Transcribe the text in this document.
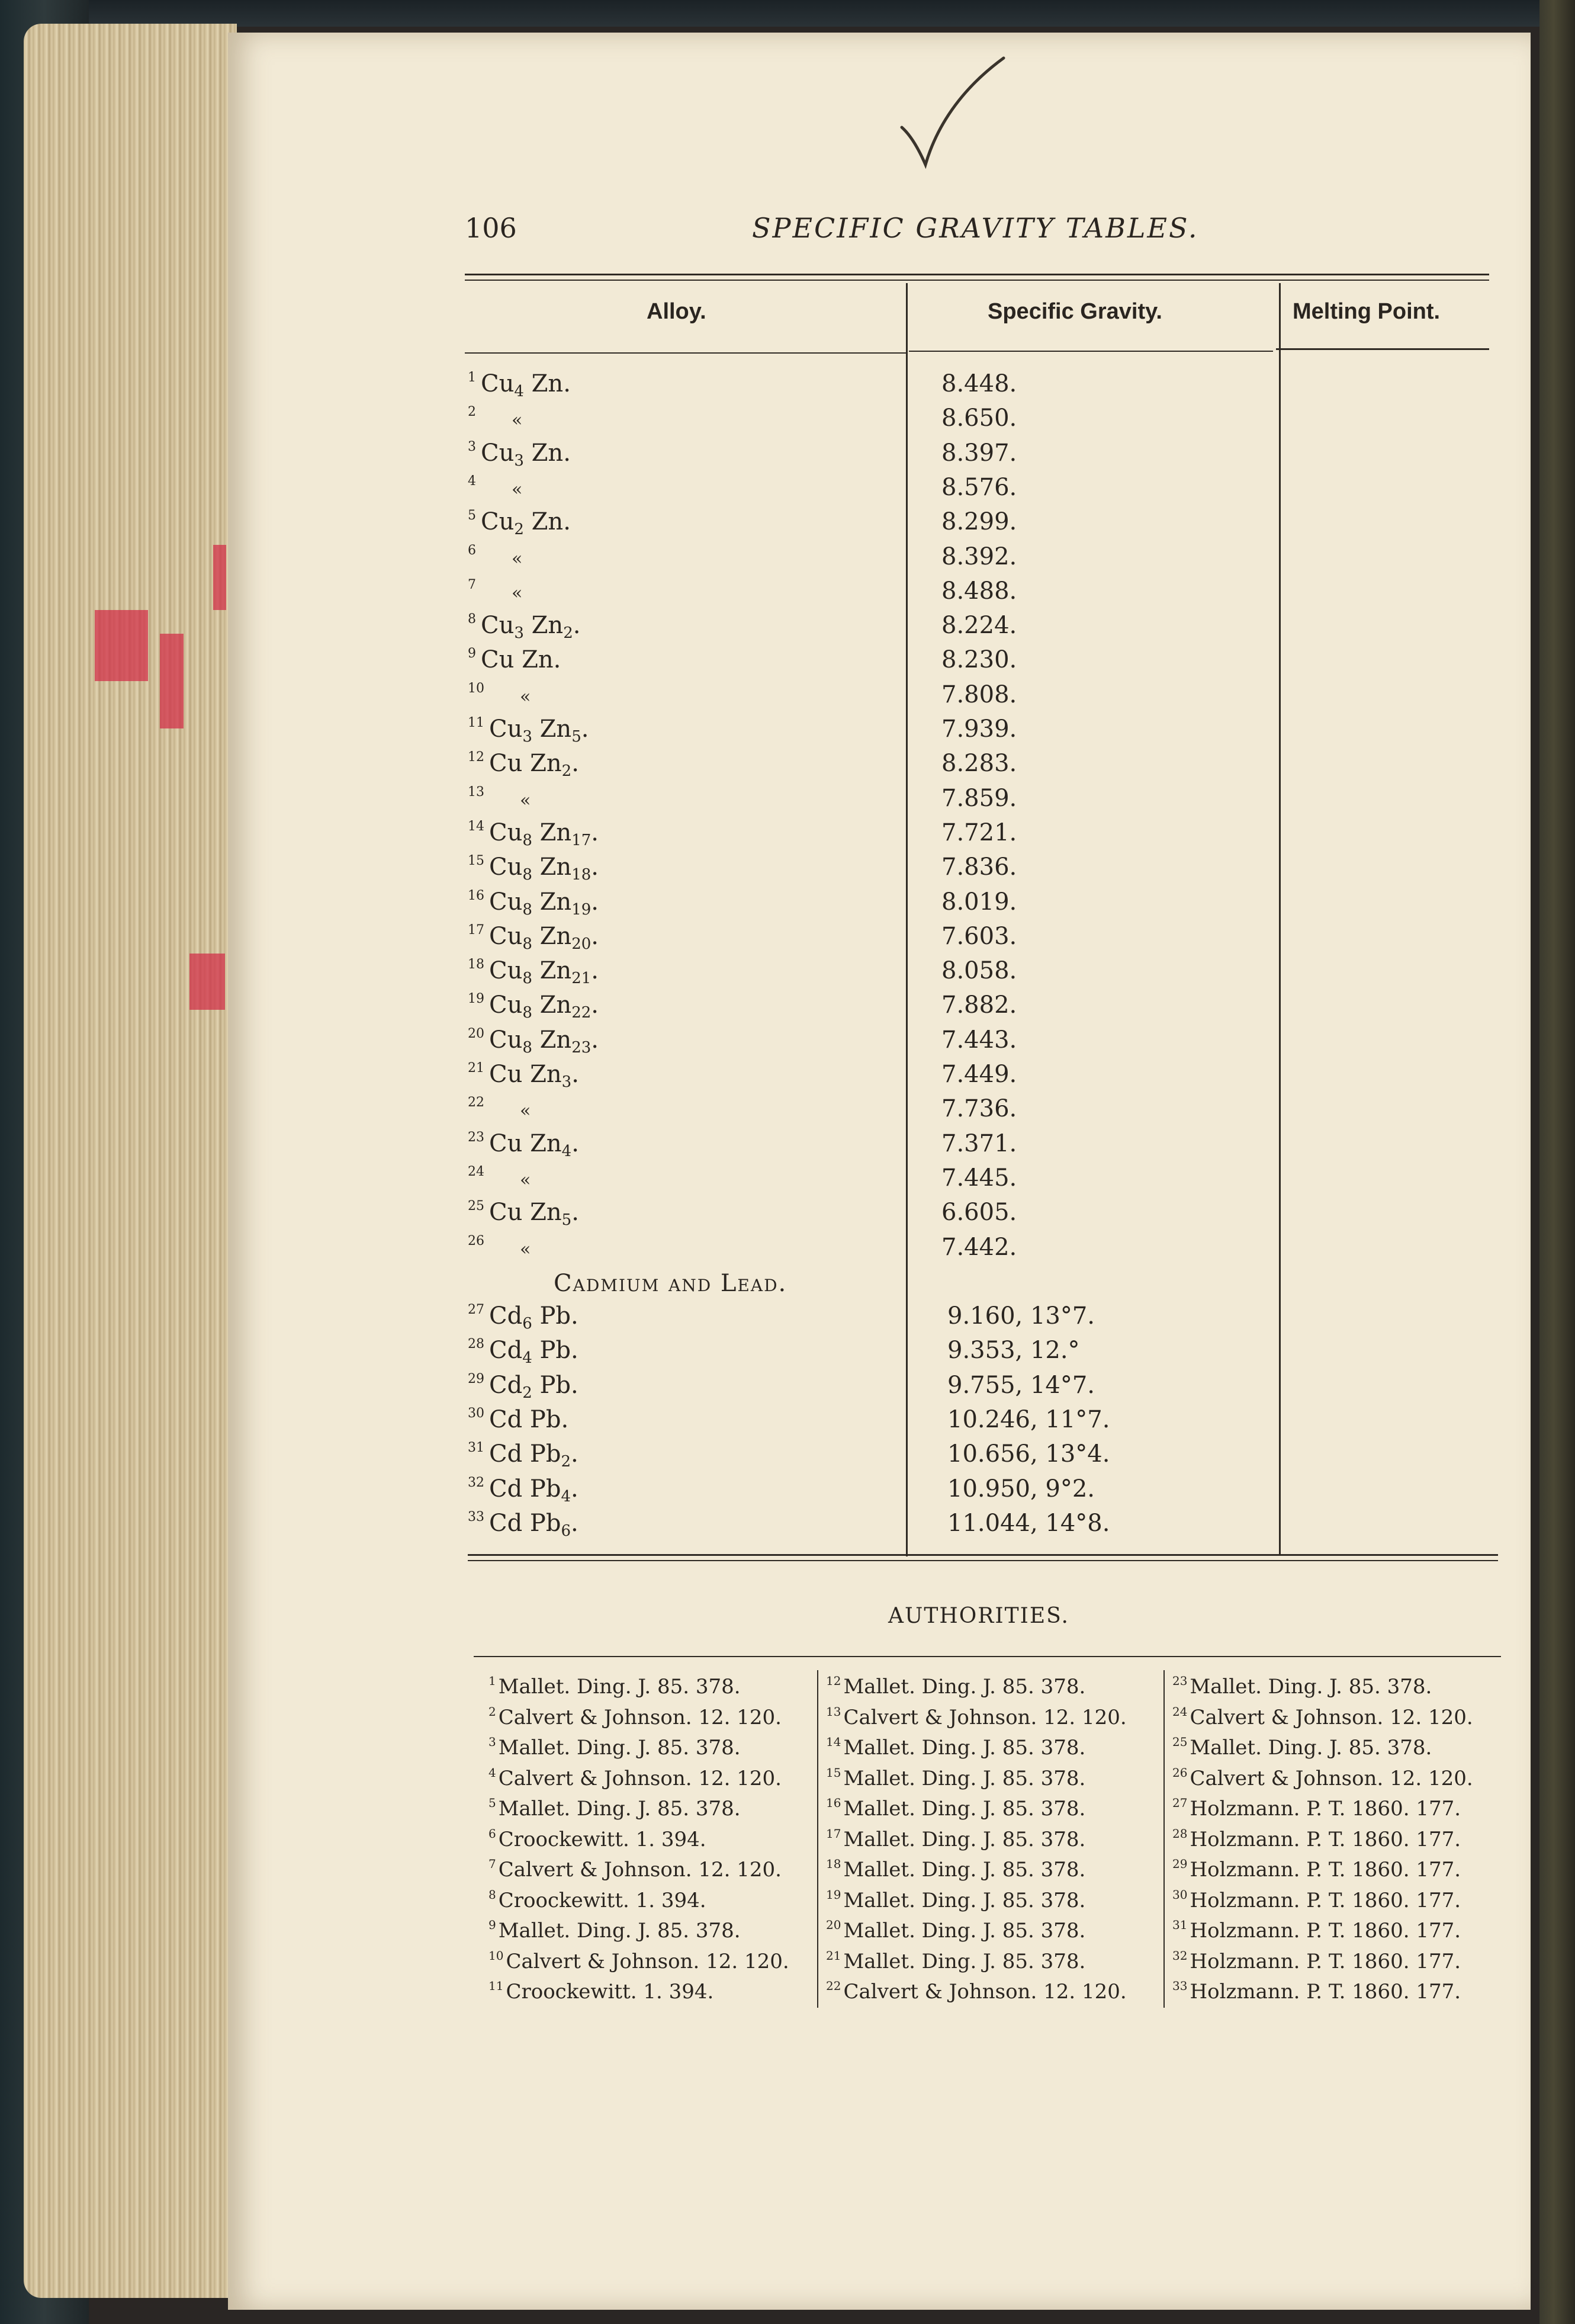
106	SPECIFIC GRAVITY TABLES.
Alloy.	Specific Gravity.	Melting Point.
$^1$ $Cu_4$ Zn.	8.448.
$^2$ «	8.650.
$^3$ $Cu_3$ Zn.	8.397.
$^4$ «	8.576.
$^5$ $Cu_2$ Zn.	8.299.
$^6$ «	8.392.
$^7$ «	8.488.
$^8$ $Cu_3$ $Zn_2$.	8.224.
$^9$ Cu Zn.	8.230.
$^{10}$ «	7.808.
$^{11}$ $Cu_3$ $Zn_5$.	7.939.
$^{12}$ Cu $Zn_2$.	8.283.
$^{13}$ «	7.859.
$^{14}$ $Cu_8$ $Zn_{17}$.	7.721.
$^{15}$ $Cu_8$ $Zn_{18}$.	7.836.
$^{16}$ $Cu_8$ $Zn_{19}$.	8.019.
$^{17}$ $Cu_8$ $Zn_{20}$.	7.603.
$^{18}$ $Cu_8$ $Zn_{21}$.	8.058.
$^{19}$ $Cu_8$ $Zn_{22}$.	7.882.
$^{20}$ $Cu_8$ $Zn_{23}$.	7.443.
$^{21}$ Cu $Zn_3$.	7.449.
$^{22}$ «	7.736.
$^{23}$ Cu $Zn_4$.	7.371.
$^{24}$ «	7.445.
$^{25}$ Cu $Zn_5$.	6.605.
$^{26}$ «	7.442.
Cadmium and Lead.
$^{27}$ $Cd_6$ Pb.	9.160, 13°7.
$^{28}$ $Cd_4$ Pb.	9.353, 12.°
$^{29}$ $Cd_2$ Pb.	9.755, 14°7.
$^{30}$ Cd Pb.	10.246, 11°7.
$^{31}$ Cd $Pb_2$.	10.656, 13°4.
$^{32}$ Cd $Pb_4$.	10.950, 9°2.
$^{33}$ Cd $Pb_6$.	11.044, 14°8.
AUTHORITIES.
$^1$ Mallet. Ding. J. 85. 378.
$^2$ Calvert & Johnson. 12. 120.
$^3$ Mallet. Ding. J. 85. 378.
$^4$ Calvert & Johnson. 12. 120.
$^5$ Mallet. Ding. J. 85. 378.
$^6$ Croockewitt. 1. 394.
$^7$ Calvert & Johnson. 12. 120.
$^8$ Croockewitt. 1. 394.
$^9$ Mallet. Ding. J. 85. 378.
$^{10}$ Calvert & Johnson. 12. 120.
$^{11}$ Croockewitt. 1. 394.
$^{12}$ Mallet. Ding. J. 85. 378.
$^{13}$ Calvert & Johnson. 12. 120.
$^{14}$ Mallet. Ding. J. 85. 378.
$^{15}$ Mallet. Ding. J. 85. 378.
$^{16}$ Mallet. Ding. J. 85. 378.
$^{17}$ Mallet. Ding. J. 85. 378.
$^{18}$ Mallet. Ding. J. 85. 378.
$^{19}$ Mallet. Ding. J. 85. 378.
$^{20}$ Mallet. Ding. J. 85. 378.
$^{21}$ Mallet. Ding. J. 85. 378.
$^{22}$ Calvert & Johnson. 12. 120.
$^{23}$ Mallet. Ding. J. 85. 378.
$^{24}$ Calvert & Johnson. 12. 120.
$^{25}$ Mallet. Ding. J. 85. 378.
$^{26}$ Calvert & Johnson. 12. 120.
$^{27}$ Holzmann. P. T. 1860. 177.
$^{28}$ Holzmann. P. T. 1860. 177.
$^{29}$ Holzmann. P. T. 1860. 177.
$^{30}$ Holzmann. P. T. 1860. 177.
$^{31}$ Holzmann. P. T. 1860. 177.
$^{32}$ Holzmann. P. T. 1860. 177.
$^{33}$ Holzmann. P. T. 1860. 177.
